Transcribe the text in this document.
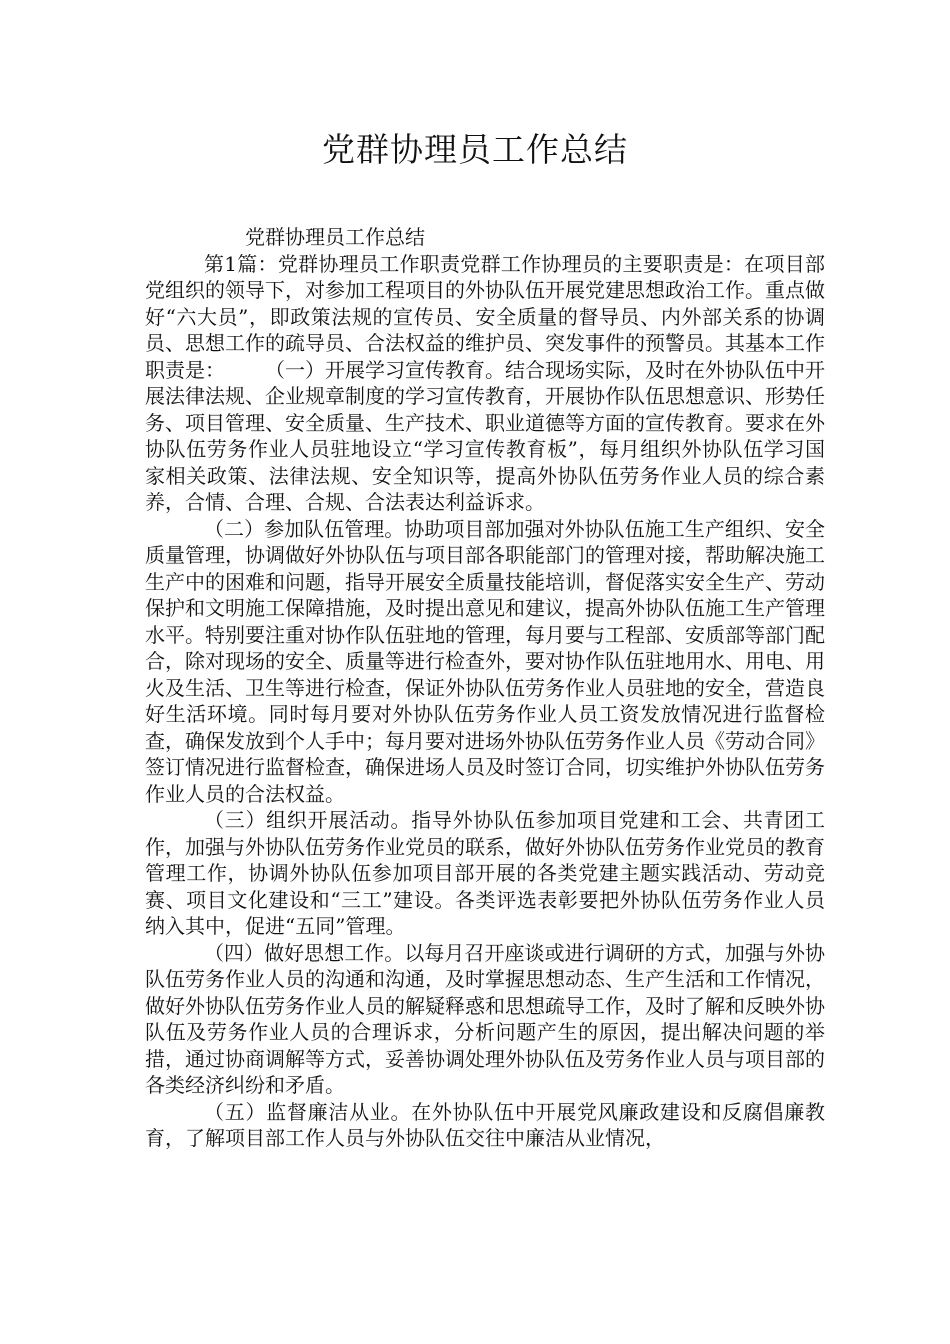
党群协理员工作总结

党群协理员工作总结

第1篇：党群协理员工作职责党群工作协理员的主要职责是：在项目部党组织的领导下，对参加工程项目的外协队伍开展党建思想政治工作。重点做好“六大员”，即政策法规的宣传员、安全质量的督导员、内外部关系的协调员、思想工作的疏导员、合法权益的维护员、突发事件的预警员。其基本工作职责是：　　　（一）开展学习宣传教育。结合现场实际，及时在外协队伍中开展法律法规、企业规章制度的学习宣传教育，开展协作队伍思想意识、形势任务、项目管理、安全质量、生产技术、职业道德等方面的宣传教育。要求在外协队伍劳务作业人员驻地设立“学习宣传教育板”，每月组织外协队伍学习国家相关政策、法律法规、安全知识等，提高外协队伍劳务作业人员的综合素养，合情、合理、合规、合法表达利益诉求。

（二）参加队伍管理。协助项目部加强对外协队伍施工生产组织、安全质量管理，协调做好外协队伍与项目部各职能部门的管理对接，帮助解决施工生产中的困难和问题，指导开展安全质量技能培训，督促落实安全生产、劳动保护和文明施工保障措施，及时提出意见和建议，提高外协队伍施工生产管理水平。特别要注重对协作队伍驻地的管理，每月要与工程部、安质部等部门配合，除对现场的安全、质量等进行检查外，要对协作队伍驻地用水、用电、用火及生活、卫生等进行检查，保证外协队伍劳务作业人员驻地的安全，营造良好生活环境。同时每月要对外协队伍劳务作业人员工资发放情况进行监督检查，确保发放到个人手中；每月要对进场外协队伍劳务作业人员《劳动合同》签订情况进行监督检查，确保进场人员及时签订合同，切实维护外协队伍劳务作业人员的合法权益。

（三）组织开展活动。指导外协队伍参加项目党建和工会、共青团工作，加强与外协队伍劳务作业党员的联系，做好外协队伍劳务作业党员的教育管理工作，协调外协队伍参加项目部开展的各类党建主题实践活动、劳动竞赛、项目文化建设和“三工”建设。各类评选表彰要把外协队伍劳务作业人员纳入其中，促进“五同”管理。

（四）做好思想工作。以每月召开座谈或进行调研的方式，加强与外协队伍劳务作业人员的沟通和沟通，及时掌握思想动态、生产生活和工作情况，做好外协队伍劳务作业人员的解疑释惑和思想疏导工作，及时了解和反映外协队伍及劳务作业人员的合理诉求，分析问题产生的原因，提出解决问题的举措，通过协商调解等方式，妥善协调处理外协队伍及劳务作业人员与项目部的各类经济纠纷和矛盾。

（五）监督廉洁从业。在外协队伍中开展党风廉政建设和反腐倡廉教育，了解项目部工作人员与外协队伍交往中廉洁从业情况，
